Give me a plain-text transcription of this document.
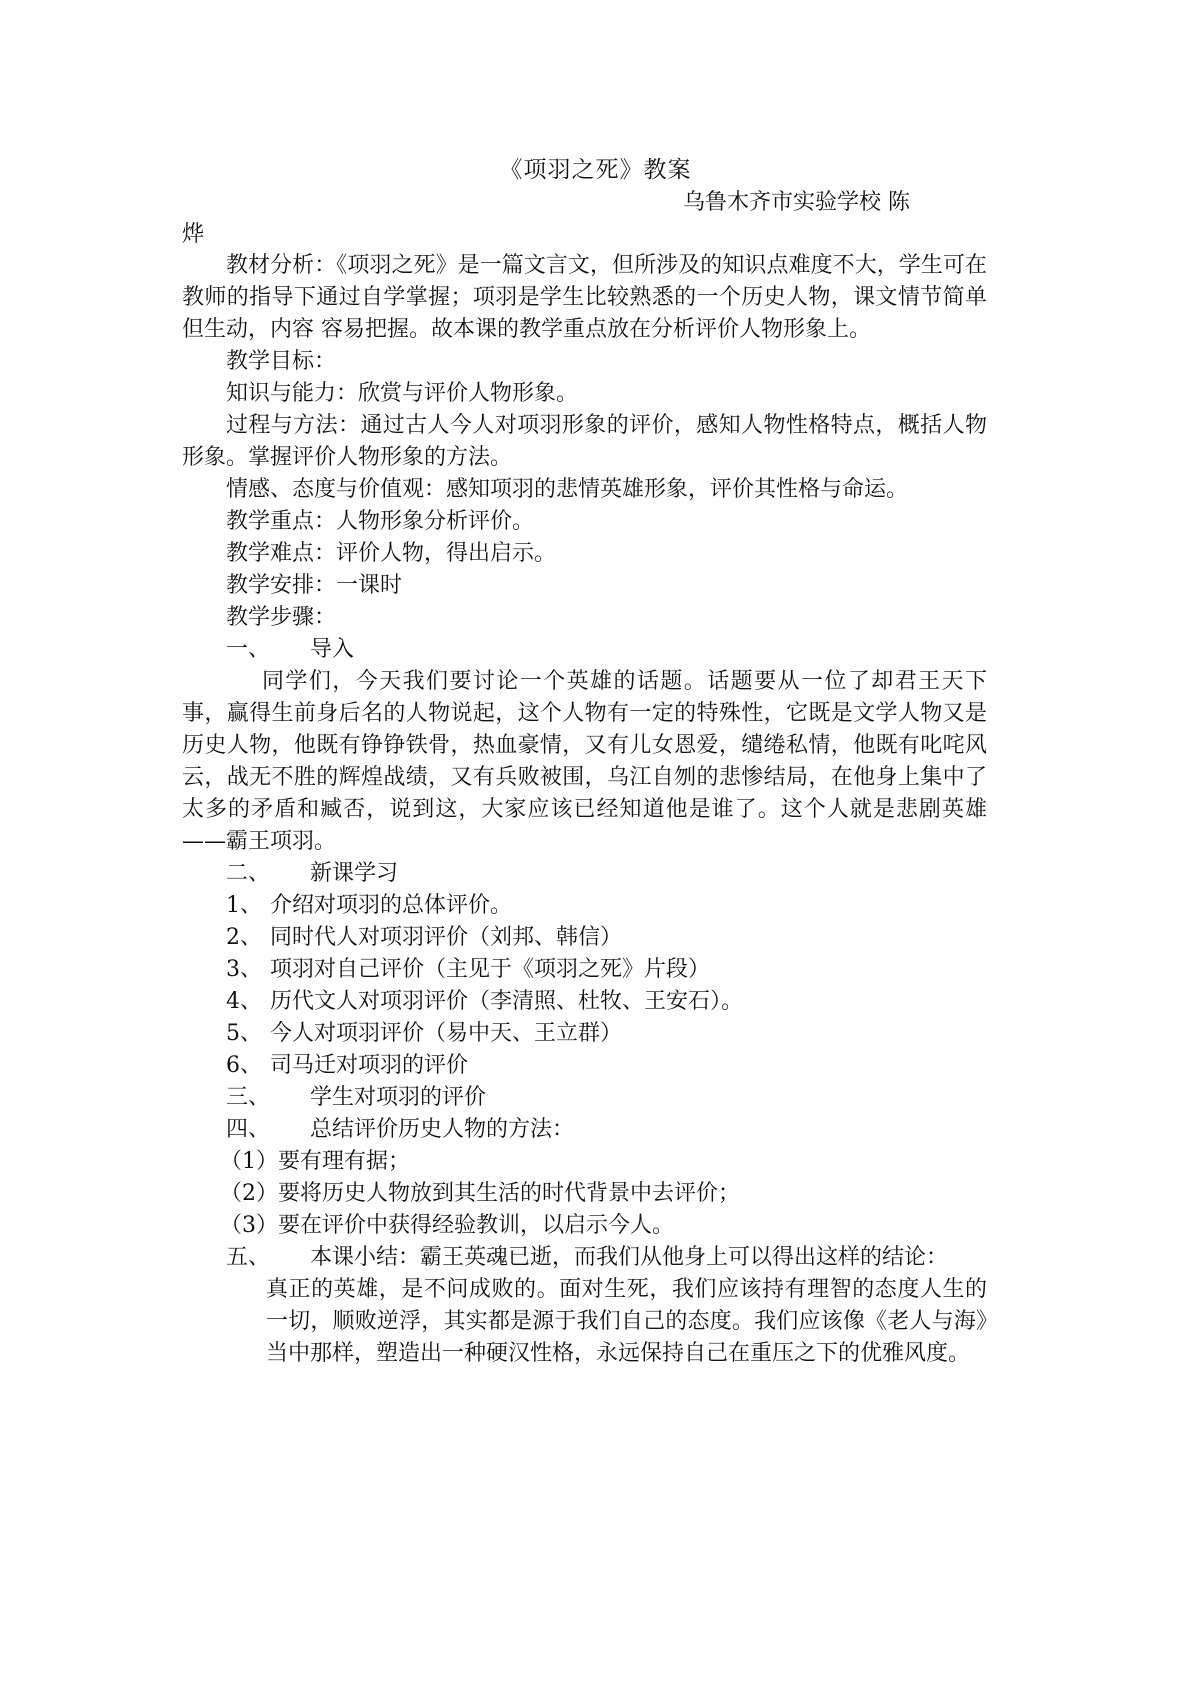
《项羽之死》教案
乌鲁木齐市实验学校 陈
烨

教材分析：《项羽之死》是一篇文言文，但所涉及的知识点难度不大，学生可在教师的指导下通过自学掌握；项羽是学生比较熟悉的一个历史人物，课文情节简单但生动，内容 容易把握。故本课的教学重点放在分析评价人物形象上。

教学目标：

知识与能力：欣赏与评价人物形象。

过程与方法：通过古人今人对项羽形象的评价，感知人物性格特点，概括人物形象。掌握评价人物形象的方法。

情感、态度与价值观：感知项羽的悲情英雄形象，评价其性格与命运。

教学重点：人物形象分析评价。

教学难点：评价人物，得出启示。

教学安排：一课时

教学步骤：

一、 导入

同学们，今天我们要讨论一个英雄的话题。话题要从一位了却君王天下事，赢得生前身后名的人物说起，这个人物有一定的特殊性，它既是文学人物又是历史人物，他既有铮铮铁骨，热血豪情，又有儿女恩爱，缱绻私情，他既有叱咤风云，战无不胜的辉煌战绩，又有兵败被围，乌江自刎的悲惨结局，在他身上集中了太多的矛盾和臧否，说到这，大家应该已经知道他是谁了。这个人就是悲剧英雄——霸王项羽。

二、 新课学习

1、 介绍对项羽的总体评价。

2、 同时代人对项羽评价（刘邦、韩信）

3、 项羽对自己评价（主见于《项羽之死》片段）

4、 历代文人对项羽评价（李清照、杜牧、王安石）。

5、 今人对项羽评价（易中天、王立群）

6、 司马迁对项羽的评价

三、 学生对项羽的评价

四、 总结评价历史人物的方法：

（1）要有理有据；

（2）要将历史人物放到其生活的时代背景中去评价；

（3）要在评价中获得经验教训，以启示今人。

五、	本课小结：霸王英魂已逝，而我们从他身上可以得出这样的结论：
真正的英雄，是不问成败的。面对生死，我们应该持有理智的态度人生的一切，顺败逆浮，其实都是源于我们自己的态度。我们应该像《老人与海》当中那样，塑造出一种硬汉性格，永远保持自己在重压之下的优雅风度。
